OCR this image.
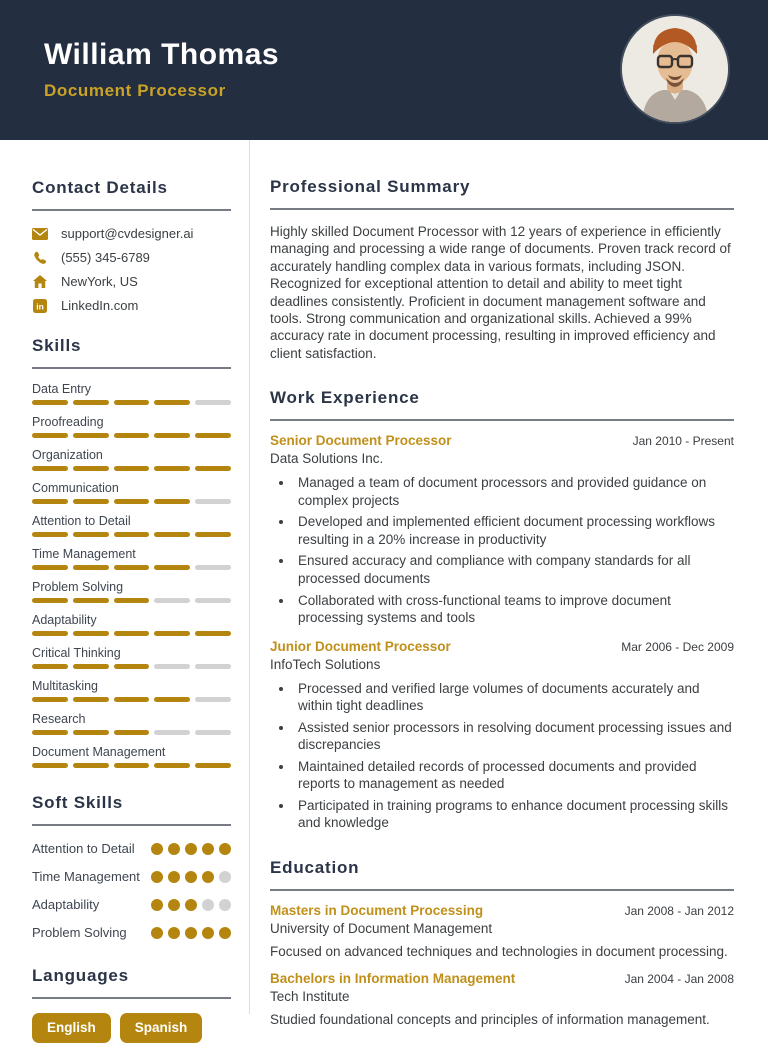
William Thomas
Document Processor
Contact Details
support@cvdesigner.ai
(555) 345-6789
NewYork, US
in LinkedIn.com
Skills
Data Entry
Proofreading
Organization
Communication
Attention to Detail
Time Management
Problem Solving
Adaptability
Critical Thinking
Multitasking
Research
Document Management
Soft Skills
Attention to Detail
Time Management
Adaptability
Problem Solving
Languages
English	Spanish
Professional Summary

Highly skilled Document Processor with 12 years of experience in efficiently managing and processing a wide range of documents. Proven track record of accurately handling complex data in various formats, including JSON. Recognized for exceptional attention to detail and ability to meet tight deadlines consistently. Proficient in document management software and tools. Strong communication and organizational skills. Achieved a 99% accuracy rate in document processing, resulting in improved efficiency and client satisfaction.

Work Experience
Senior Document Processor	Jan 2010 - Present
Data Solutions Inc.
• Managed a team of document processors and provided guidance on complex projects
• Developed and implemented efficient document processing workflows resulting in a 20% increase in productivity
• Ensured accuracy and compliance with company standards for all processed documents
• Collaborated with cross-functional teams to improve document processing systems and tools
Junior Document Processor	Mar 2006 - Dec 2009
InfoTech Solutions
• Processed and verified large volumes of documents accurately and within tight deadlines
• Assisted senior processors in resolving document processing issues and discrepancies
• Maintained detailed records of processed documents and provided reports to management as needed
• Participated in training programs to enhance document processing skills and knowledge
Education
Masters in Document Processing	Jan 2008 - Jan 2012
University of Document Management
Focused on advanced techniques and technologies in document processing.
Bachelors in Information Management	Jan 2004 - Jan 2008
Tech Institute
Studied foundational concepts and principles of information management.
